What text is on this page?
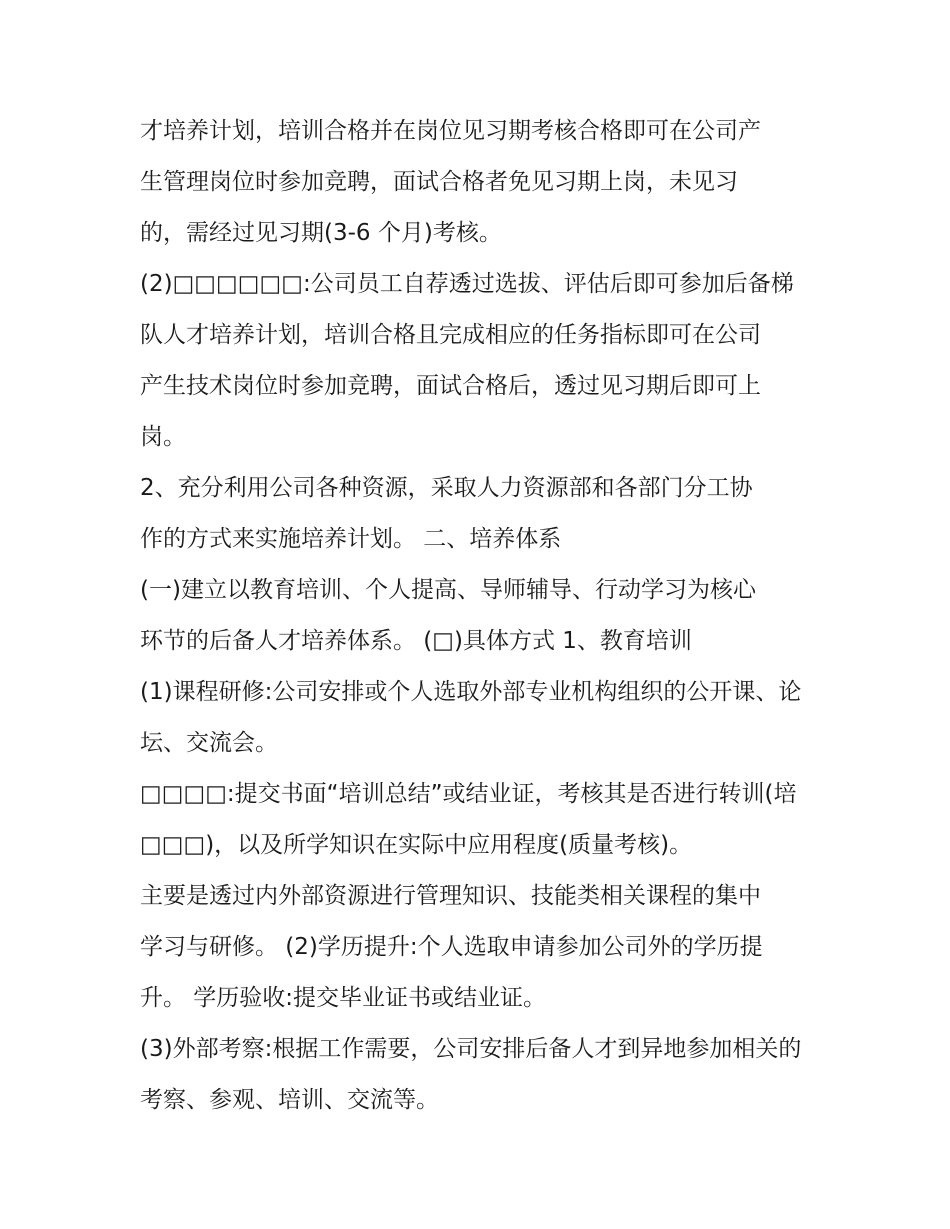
才培养计划，培训合格并在岗位见习期考核合格即可在公司产
生管理岗位时参加竞聘，面试合格者免见习期上岗，未见习
的，需经过见习期(3-6 个月)考核。
(2)□□□□□□:公司员工自荐透过选拔、评估后即可参加后备梯
队人才培养计划，培训合格且完成相应的任务指标即可在公司
产生技术岗位时参加竞聘，面试合格后，透过见习期后即可上
岗。
2、充分利用公司各种资源，采取人力资源部和各部门分工协
作的方式来实施培养计划。 二、培养体系
(一)建立以教育培训、个人提高、导师辅导、行动学习为核心
环节的后备人才培养体系。 (□)具体方式 1、教育培训
(1)课程研修:公司安排或个人选取外部专业机构组织的公开课、论
坛、交流会。
□□□□:提交书面“培训总结”或结业证，考核其是否进行转训(培
□□□)，以及所学知识在实际中应用程度(质量考核)。
主要是透过内外部资源进行管理知识、技能类相关课程的集中
学习与研修。 (2)学历提升:个人选取申请参加公司外的学历提
升。 学历验收:提交毕业证书或结业证。
(3)外部考察:根据工作需要，公司安排后备人才到异地参加相关的
考察、参观、培训、交流等。
